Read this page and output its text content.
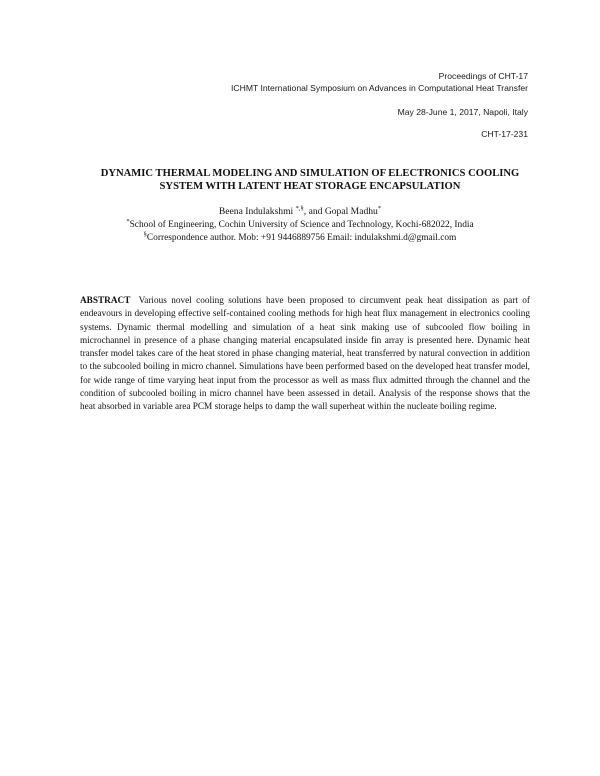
Proceedings of CHT-17
ICHMT International Symposium on Advances in Computational Heat Transfer
May 28-June 1, 2017, Napoli, Italy
CHT-17-231
DYNAMIC THERMAL MODELING AND SIMULATION OF ELECTRONICS COOLING
SYSTEM WITH LATENT HEAT STORAGE ENCAPSULATION
Beena Indulakshmi *,§, and Gopal Madhu*
*School of Engineering, Cochin University of Science and Technology, Kochi-682022, India
§Correspondence author. Mob: +91 9446889756 Email: indulakshmi.d@gmail.com

ABSTRACT Various novel cooling solutions have been proposed to circumvent peak heat dissipation as part of endeavours in developing effective self-contained cooling methods for high heat flux management in electronics cooling systems. Dynamic thermal modelling and simulation of a heat sink making use of subcooled flow boiling in microchannel in presence of a phase changing material encapsulated inside fin array is presented here. Dynamic heat transfer model takes care of the heat stored in phase changing material, heat transferred by natural convection in addition to the subcooled boiling in micro channel. Simulations have been performed based on the developed heat transfer model, for wide range of time varying heat input from the processor as well as mass flux admitted through the channel and the condition of subcooled boiling in micro channel have been assessed in detail. Analysis of the response shows that the heat absorbed in variable area PCM storage helps to damp the wall superheat within the nucleate boiling regime.
